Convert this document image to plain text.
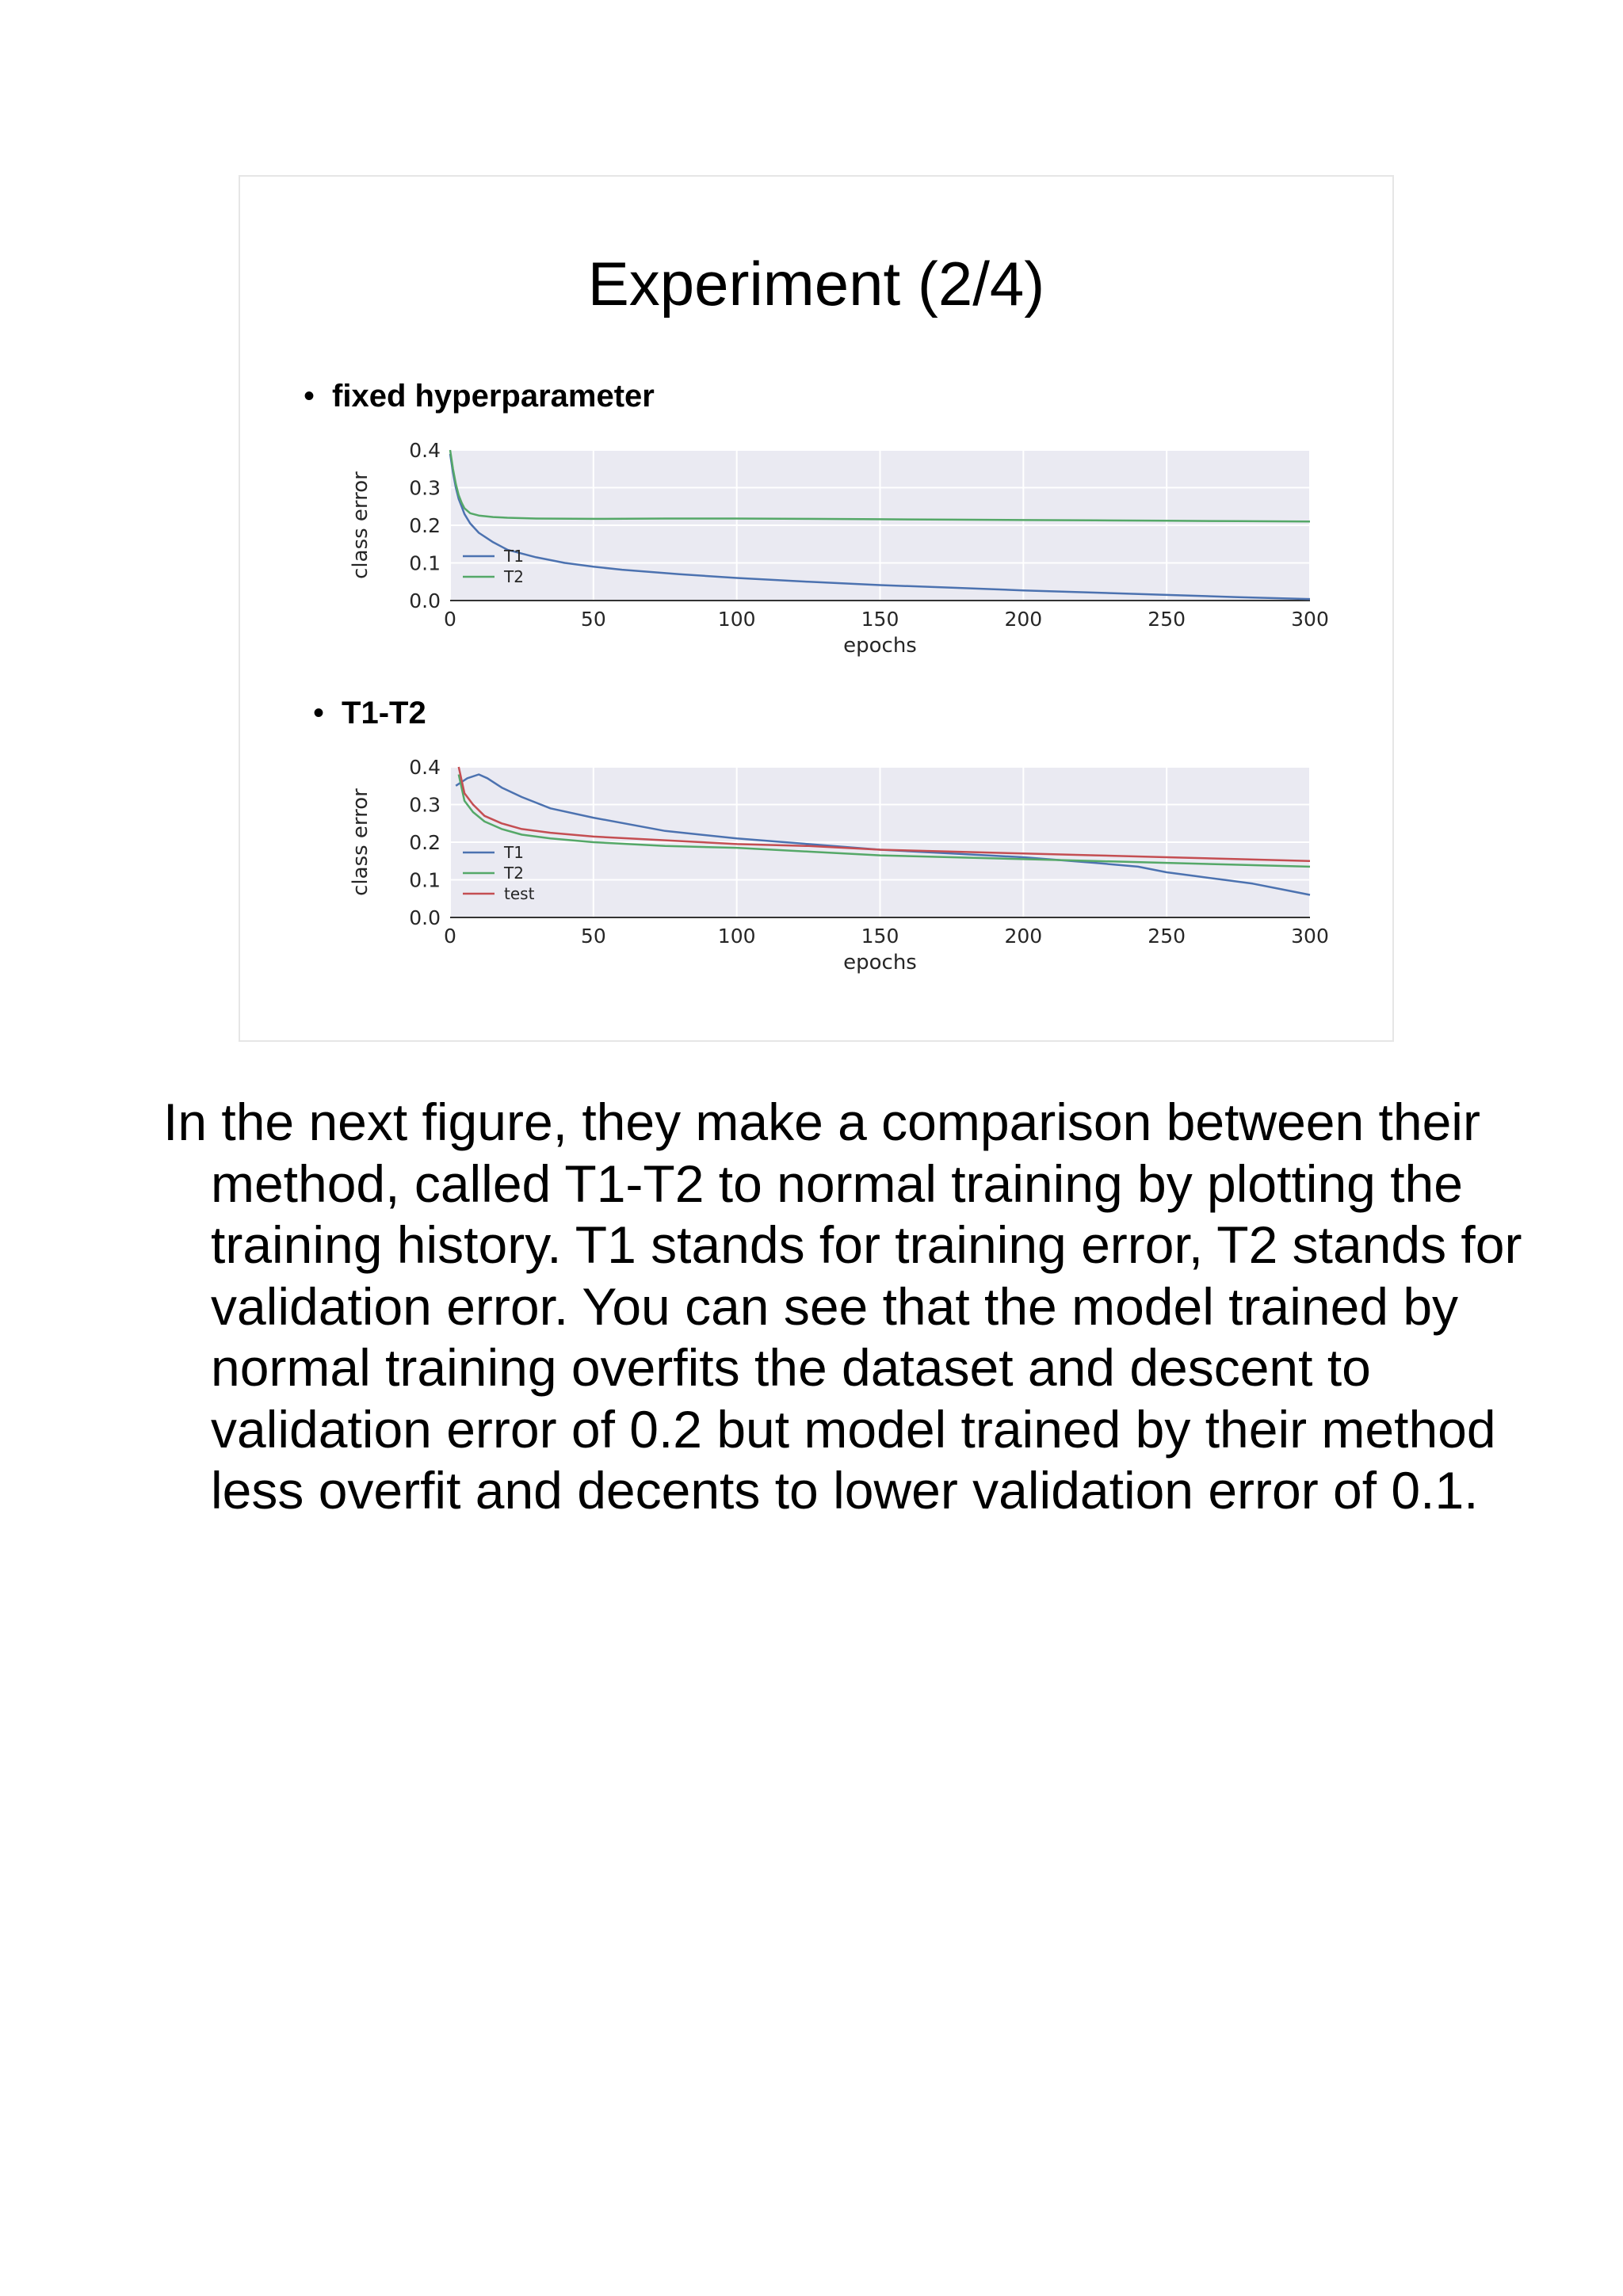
Experiment (2/4)
• fixed hyperparameter
0	50	100	150	200	250	300
0.0
0.1
0.2
0.3
0.4
epochs
class error	T1
T2
• T1-T2
0	50	100	150	200	250	300
0.0
0.1
0.2
0.3
0.4
epochs
class error	T1
T2
test

In the next figure, they make a comparison between their method, called T1-T2 to normal training by plotting the training history. T1 stands for training error, T2 stands for validation error. You can see that the model trained by normal training overfits the dataset and descent to validation error of 0.2 but model trained by their method less overfit and decents to lower validation error of 0.1.
